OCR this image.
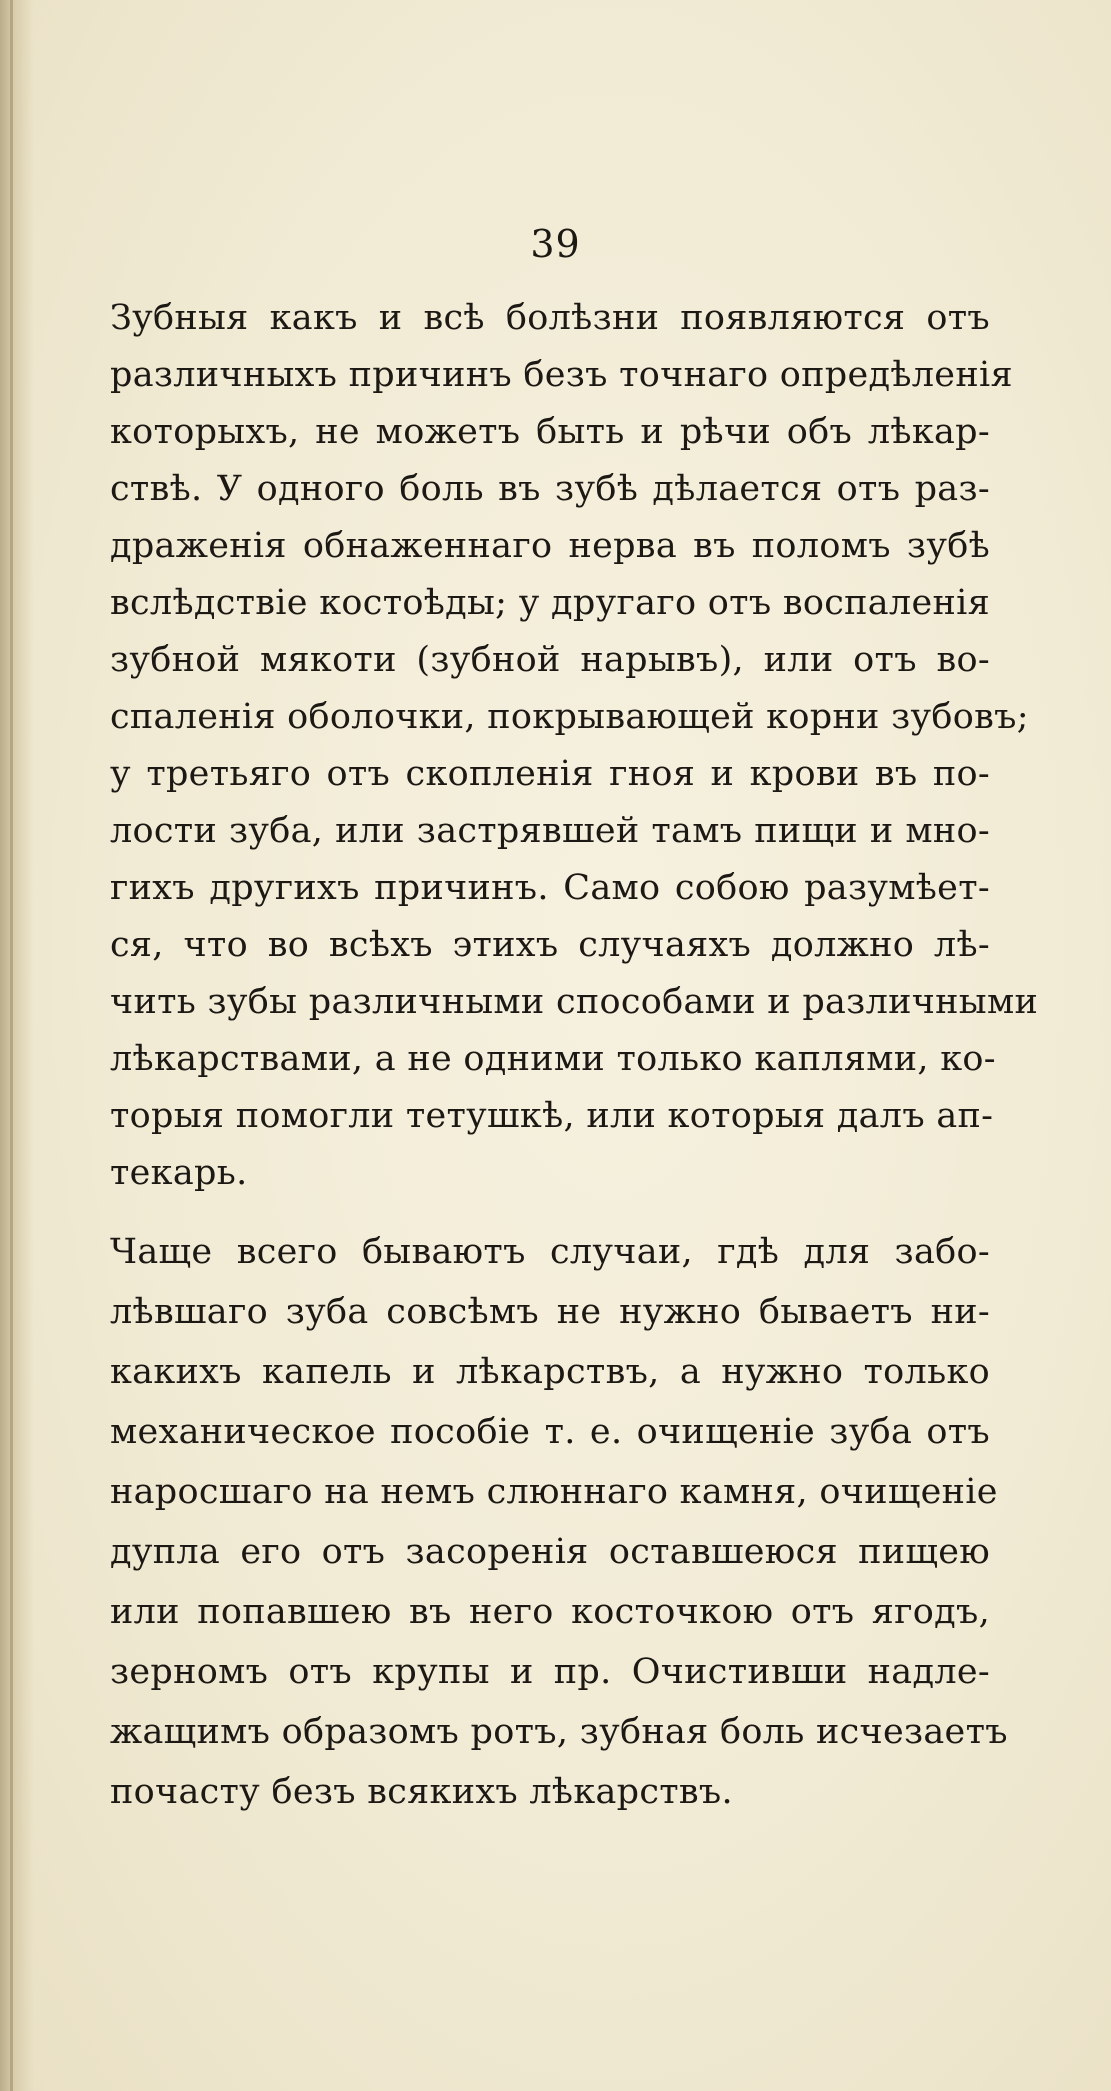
39
Зубныя какъ и всѣ болѣзни появляются отъ
различныхъ причинъ безъ точнаго опредѣленія
которыхъ, не можетъ быть и рѣчи объ лѣкар-
ствѣ. У одного боль въ зубѣ дѣлается отъ раз-
драженія обнаженнаго нерва въ поломъ зубѣ
вслѣдствіе костоѣды; у другаго отъ воспаленія
зубной мякоти (зубной нарывъ), или отъ во-
спаленія оболочки, покрывающей корни зубовъ;
у третьяго отъ скопленія гноя и крови въ по-
лости зуба, или застрявшей тамъ пищи и мно-
гихъ другихъ причинъ. Само собою разумѣет-
ся, что во всѣхъ этихъ случаяхъ должно лѣ-
чить зубы различными способами и различными
лѣкарствами, а не одними только каплями, ко-
торыя помогли тетушкѣ, или которыя далъ ап-
текарь.
Чаще всего бываютъ случаи, гдѣ для забо-
лѣвшаго зуба совсѣмъ не нужно бываетъ ни-
какихъ капель и лѣкарствъ, а нужно только
механическое пособіе т. е. очищеніе зуба отъ
наросшаго на немъ слюннаго камня, очищеніе
дупла его отъ засоренія оставшеюся пищею
или попавшею въ него косточкою отъ ягодъ,
зерномъ отъ крупы и пр. Очистивши надле-
жащимъ образомъ ротъ, зубная боль исчезаетъ
почасту безъ всякихъ лѣкарствъ.
